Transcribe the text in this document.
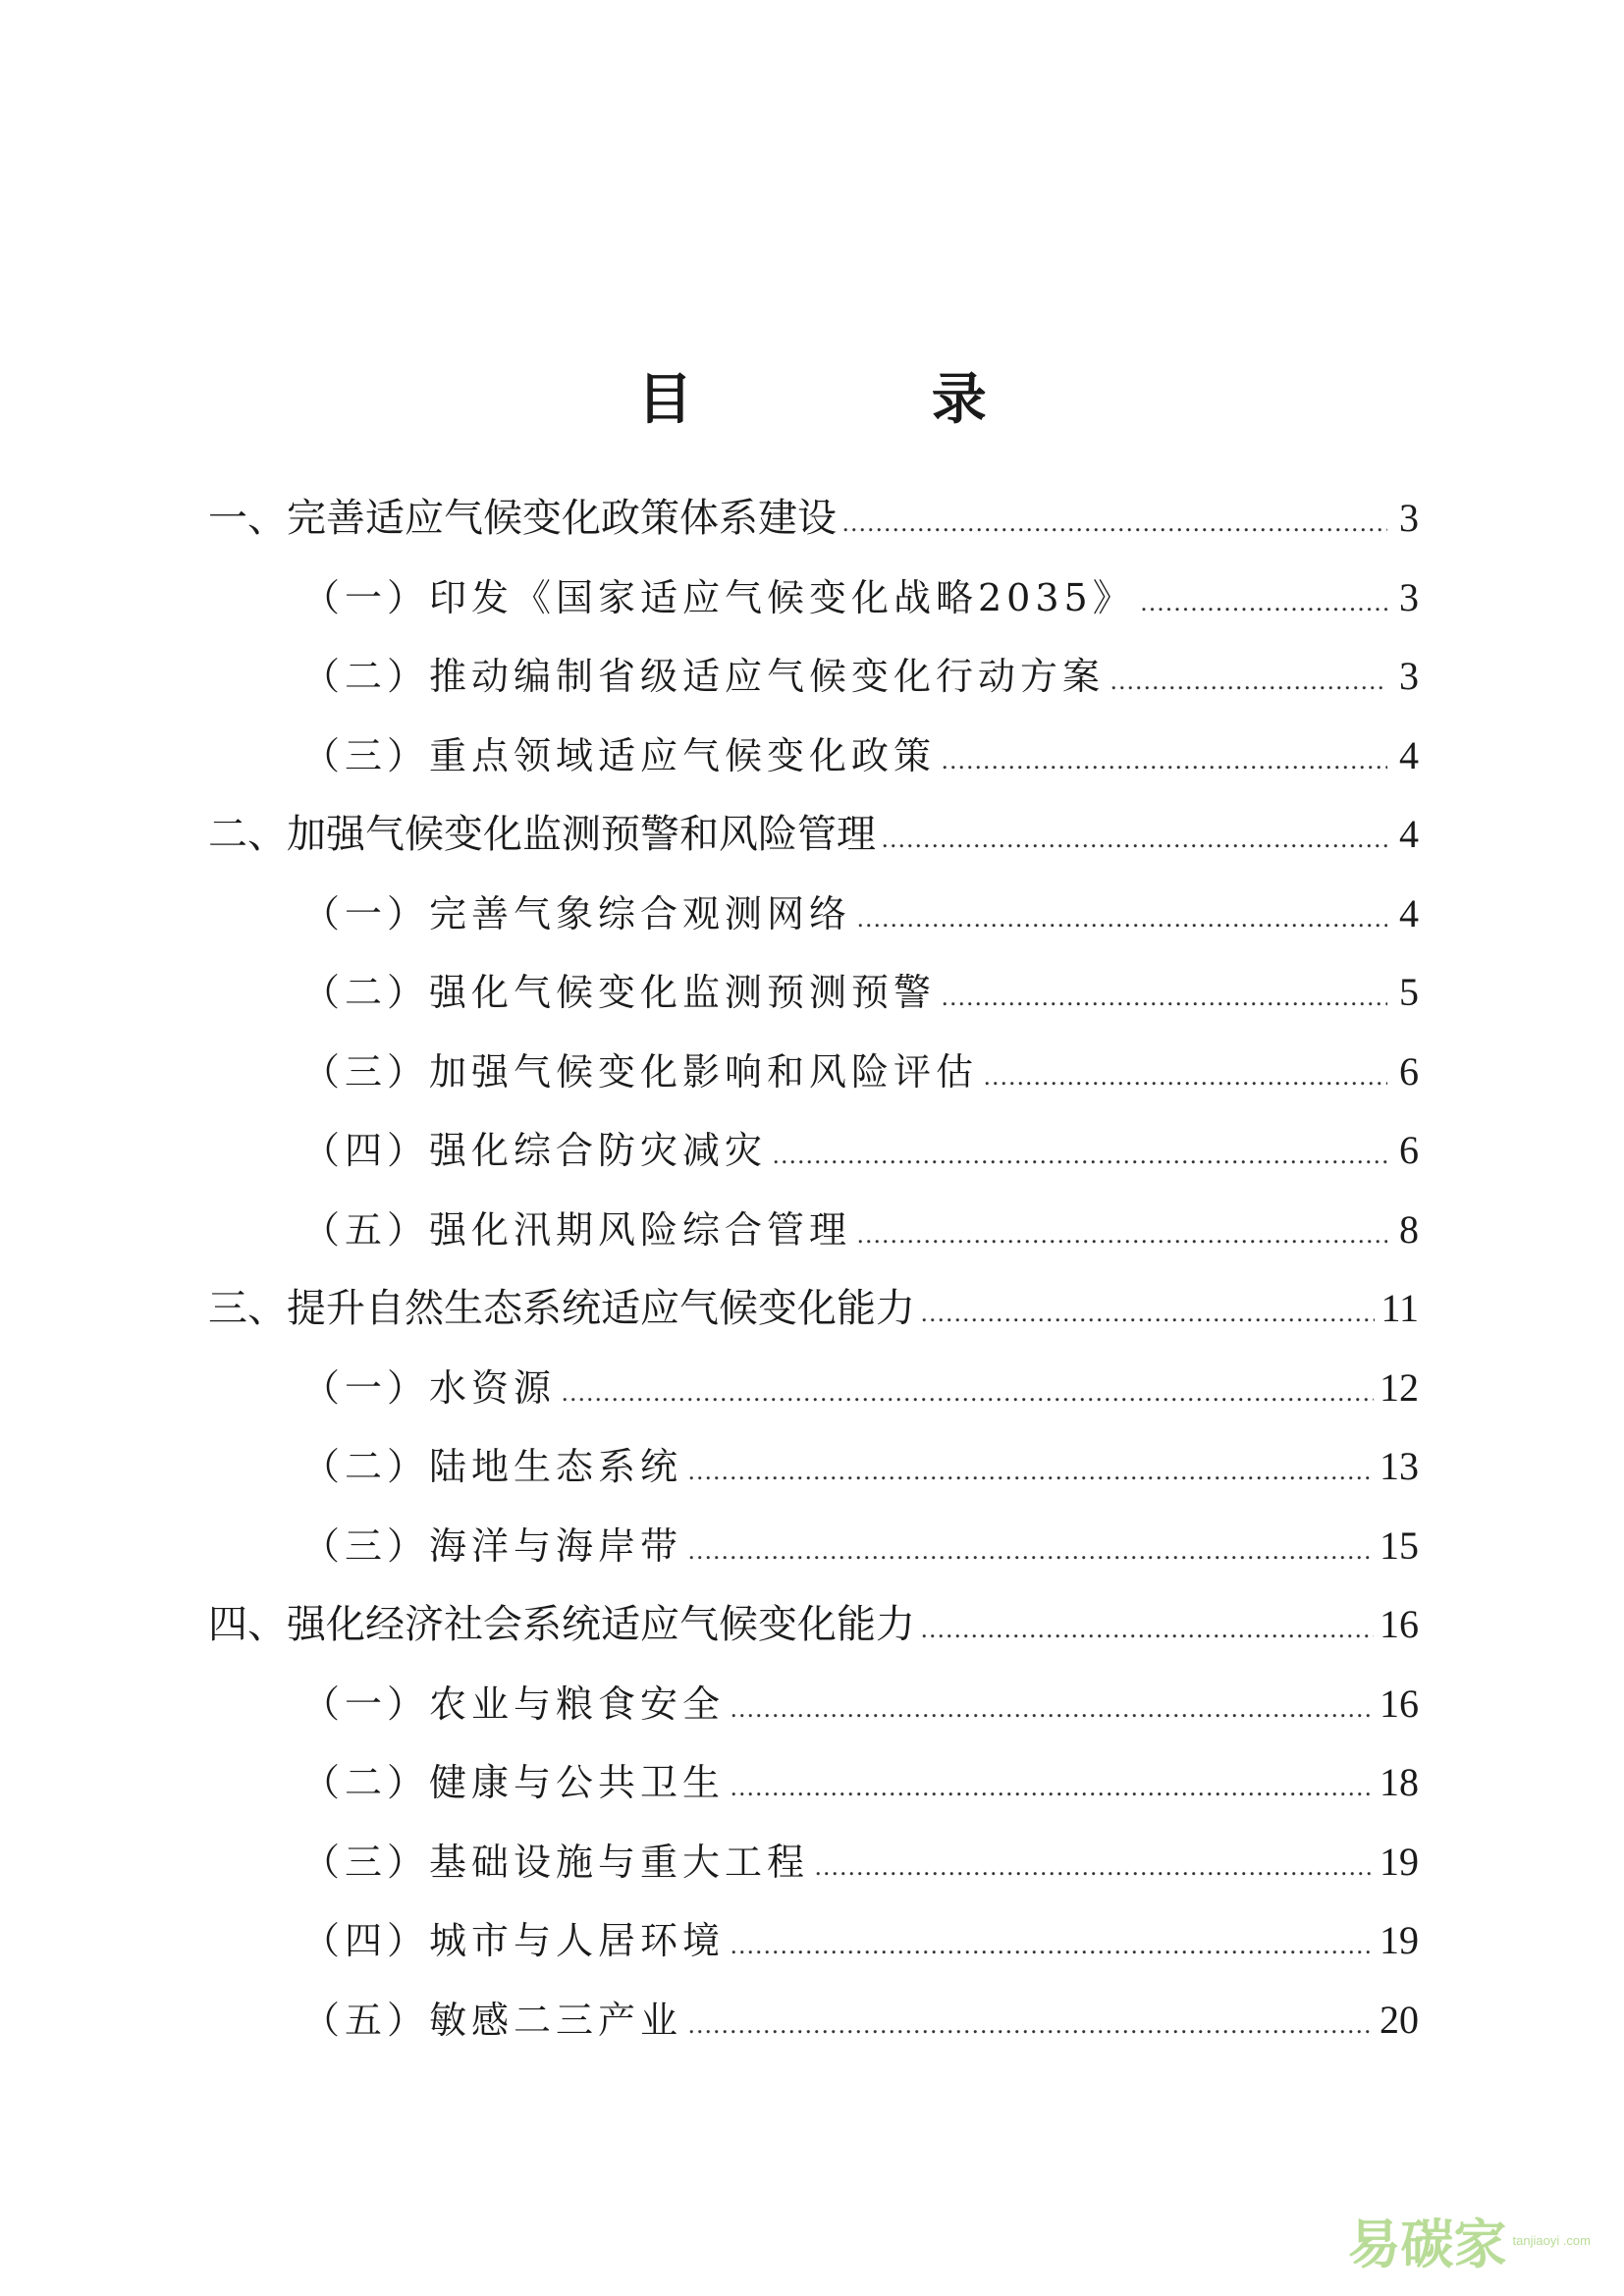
目 录
一、完善适应气候变化政策体系建设 .....	3
（一）印发《国家适应气候变化战略2035》 .....	3
（二）推动编制省级适应气候变化行动方案 .....	3
（三）重点领域适应气候变化政策 .....	4
二、加强气候变化监测预警和风险管理 .....	4
（一）完善气象综合观测网络 .....	4
（二）强化气候变化监测预测预警 .....	5
（三）加强气候变化影响和风险评估 .....	6
（四）强化综合防灾减灾 .....	6
（五）强化汛期风险综合管理 .....	8
三、提升自然生态系统适应气候变化能力 .....	11
（一）水资源 .....	12
（二）陆地生态系统 .....	13
（三）海洋与海岸带 .....	15
四、强化经济社会系统适应气候变化能力 .....	16
（一）农业与粮食安全 .....	16
（二）健康与公共卫生 .....	18
（三）基础设施与重大工程 .....	19
（四）城市与人居环境 .....	19
（五）敏感二三产业 .....	20
易碳家 tanjiaoyi .com
